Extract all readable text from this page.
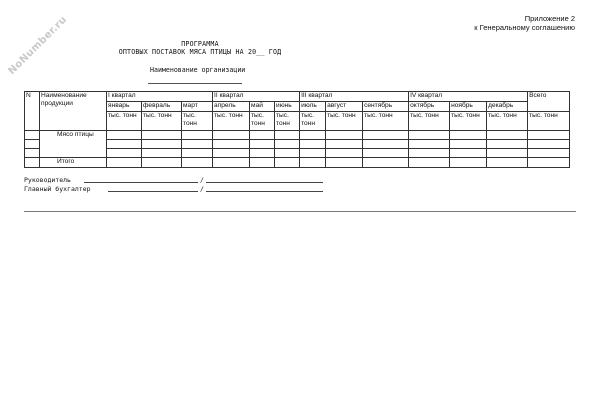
NoNumber.ru	Приложение 2
к Генеральному соглашению
ПРОГРАММА
ОПТОВЫХ ПОСТАВОК МЯСА ПТИЦЫ НА 20__ ГОД
Наименование организации
N	Наименование продукции	I квартал			II квартал			III квартал			IV квартал			Всего
		январь	февраль	март	апрель	май	июнь	июль	август	сентябрь	октябрь	ноябрь	декабрь	
		тыс. тонн	тыс. тонн	тыс. тонн	тыс. тонн	тыс. тонн	тыс. тонн	тыс. тонн	тыс. тонн	тыс. тонн	тыс. тонн	тыс. тонн	тыс. тонн	тыс. тонн
	Мясо птицы													

	Итого													
Руководитель	/
Главный бухгалтер	/
